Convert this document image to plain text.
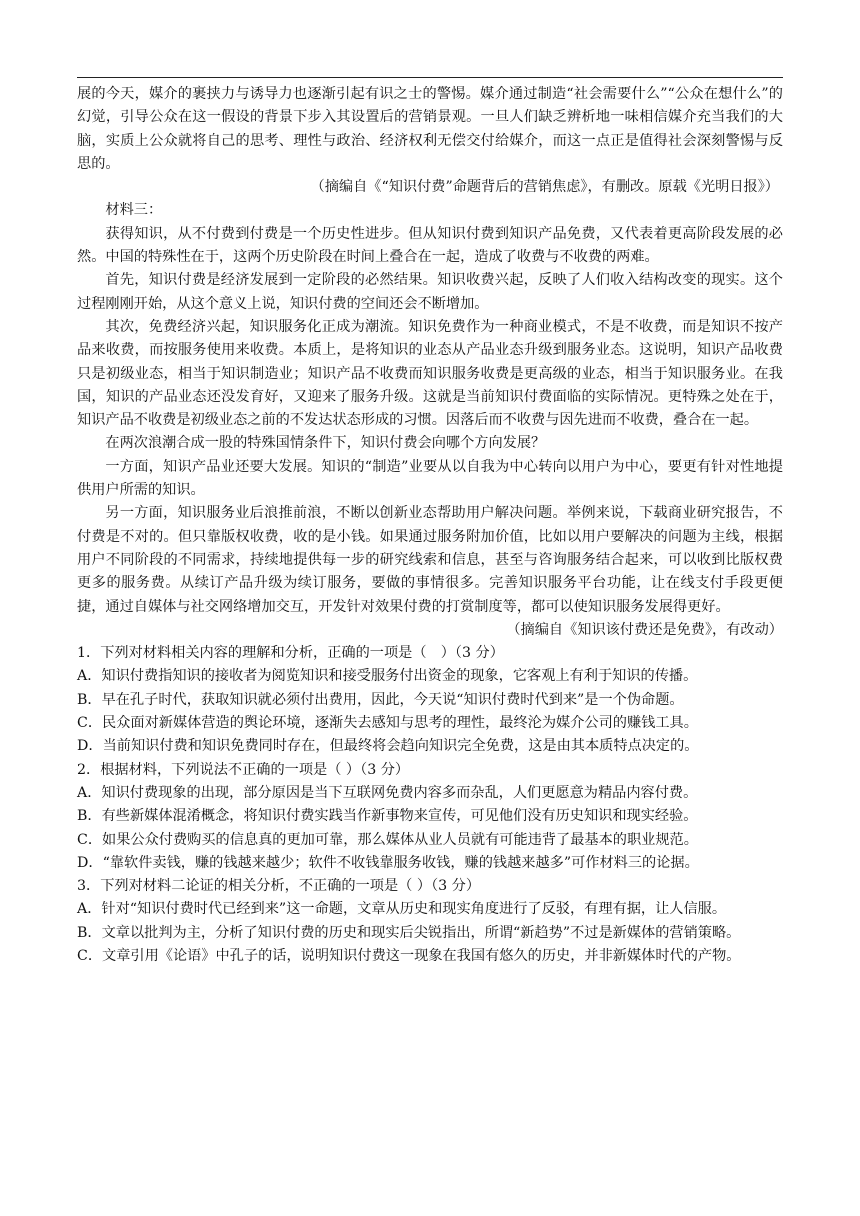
展的今天，媒介的裹挟力与诱导力也逐渐引起有识之士的警惕。媒介通过制造“社会需要什么”“公众在想什么”的幻觉，引导公众在这一假设的背景下步入其设置后的营销景观。一旦人们缺乏辨析地一味相信媒介充当我们的大脑，实质上公众就将自己的思考、理性与政治、经济权利无偿交付给媒介，而这一点正是值得社会深刻警惕与反思的。

（摘编自《“知识付费”命题背后的营销焦虑》，有删改。原载《光明日报》）

材料三：

获得知识，从不付费到付费是一个历史性进步。但从知识付费到知识产品免费，又代表着更高阶段发展的必然。中国的特殊性在于，这两个历史阶段在时间上叠合在一起，造成了收费与不收费的两难。

首先，知识付费是经济发展到一定阶段的必然结果。知识收费兴起，反映了人们收入结构改变的现实。这个过程刚刚开始，从这个意义上说，知识付费的空间还会不断增加。

其次，免费经济兴起，知识服务化正成为潮流。知识免费作为一种商业模式，不是不收费，而是知识不按产品来收费，而按服务使用来收费。本质上，是将知识的业态从产品业态升级到服务业态。这说明，知识产品收费只是初级业态，相当于知识制造业；知识产品不收费而知识服务收费是更高级的业态，相当于知识服务业。在我国，知识的产品业态还没发育好，又迎来了服务升级。这就是当前知识付费面临的实际情况。更特殊之处在于，知识产品不收费是初级业态之前的不发达状态形成的习惯。因落后而不收费与因先进而不收费，叠合在一起。

在两次浪潮合成一股的特殊国情条件下，知识付费会向哪个方向发展？

一方面，知识产品业还要大发展。知识的“制造”业要从以自我为中心转向以用户为中心，要更有针对性地提供用户所需的知识。

另一方面，知识服务业后浪推前浪，不断以创新业态帮助用户解决问题。举例来说，下载商业研究报告，不付费是不对的。但只靠版权收费，收的是小钱。如果通过服务附加价值，比如以用户要解决的问题为主线，根据用户不同阶段的不同需求，持续地提供每一步的研究线索和信息，甚至与咨询服务结合起来，可以收到比版权费更多的服务费。从续订产品升级为续订服务，要做的事情很多。完善知识服务平台功能，让在线支付手段更便捷，通过自媒体与社交网络增加交互，开发针对效果付费的打赏制度等，都可以使知识服务发展得更好。

（摘编自《知识该付费还是免费》，有改动）

1．下列对材料相关内容的理解和分析，正确的一项是（　）（3 分）

A．知识付费指知识的接收者为阅览知识和接受服务付出资金的现象，它客观上有利于知识的传播。

B．早在孔子时代，获取知识就必须付出费用，因此，今天说“知识付费时代到来”是一个伪命题。

C．民众面对新媒体营造的舆论环境，逐渐失去感知与思考的理性，最终沦为媒介公司的赚钱工具。

D．当前知识付费和知识免费同时存在，但最终将会趋向知识完全免费，这是由其本质特点决定的。

2．根据材料，下列说法不正确的一项是（ ）（3 分）

A．知识付费现象的出现，部分原因是当下互联网免费内容多而杂乱，人们更愿意为精品内容付费。

B．有些新媒体混淆概念，将知识付费实践当作新事物来宣传，可见他们没有历史知识和现实经验。

C．如果公众付费购买的信息真的更加可靠，那么媒体从业人员就有可能违背了最基本的职业规范。

D．“靠软件卖钱，赚的钱越来越少；软件不收钱靠服务收钱，赚的钱越来越多”可作材料三的论据。

3．下列对材料二论证的相关分析，不正确的一项是（ ）（3 分）

A．针对“知识付费时代已经到来”这一命题，文章从历史和现实角度进行了反驳，有理有据，让人信服。

B．文章以批判为主，分析了知识付费的历史和现实后尖锐指出，所谓“新趋势”不过是新媒体的营销策略。

C．文章引用《论语》中孔子的话，说明知识付费这一现象在我国有悠久的历史，并非新媒体时代的产物。
